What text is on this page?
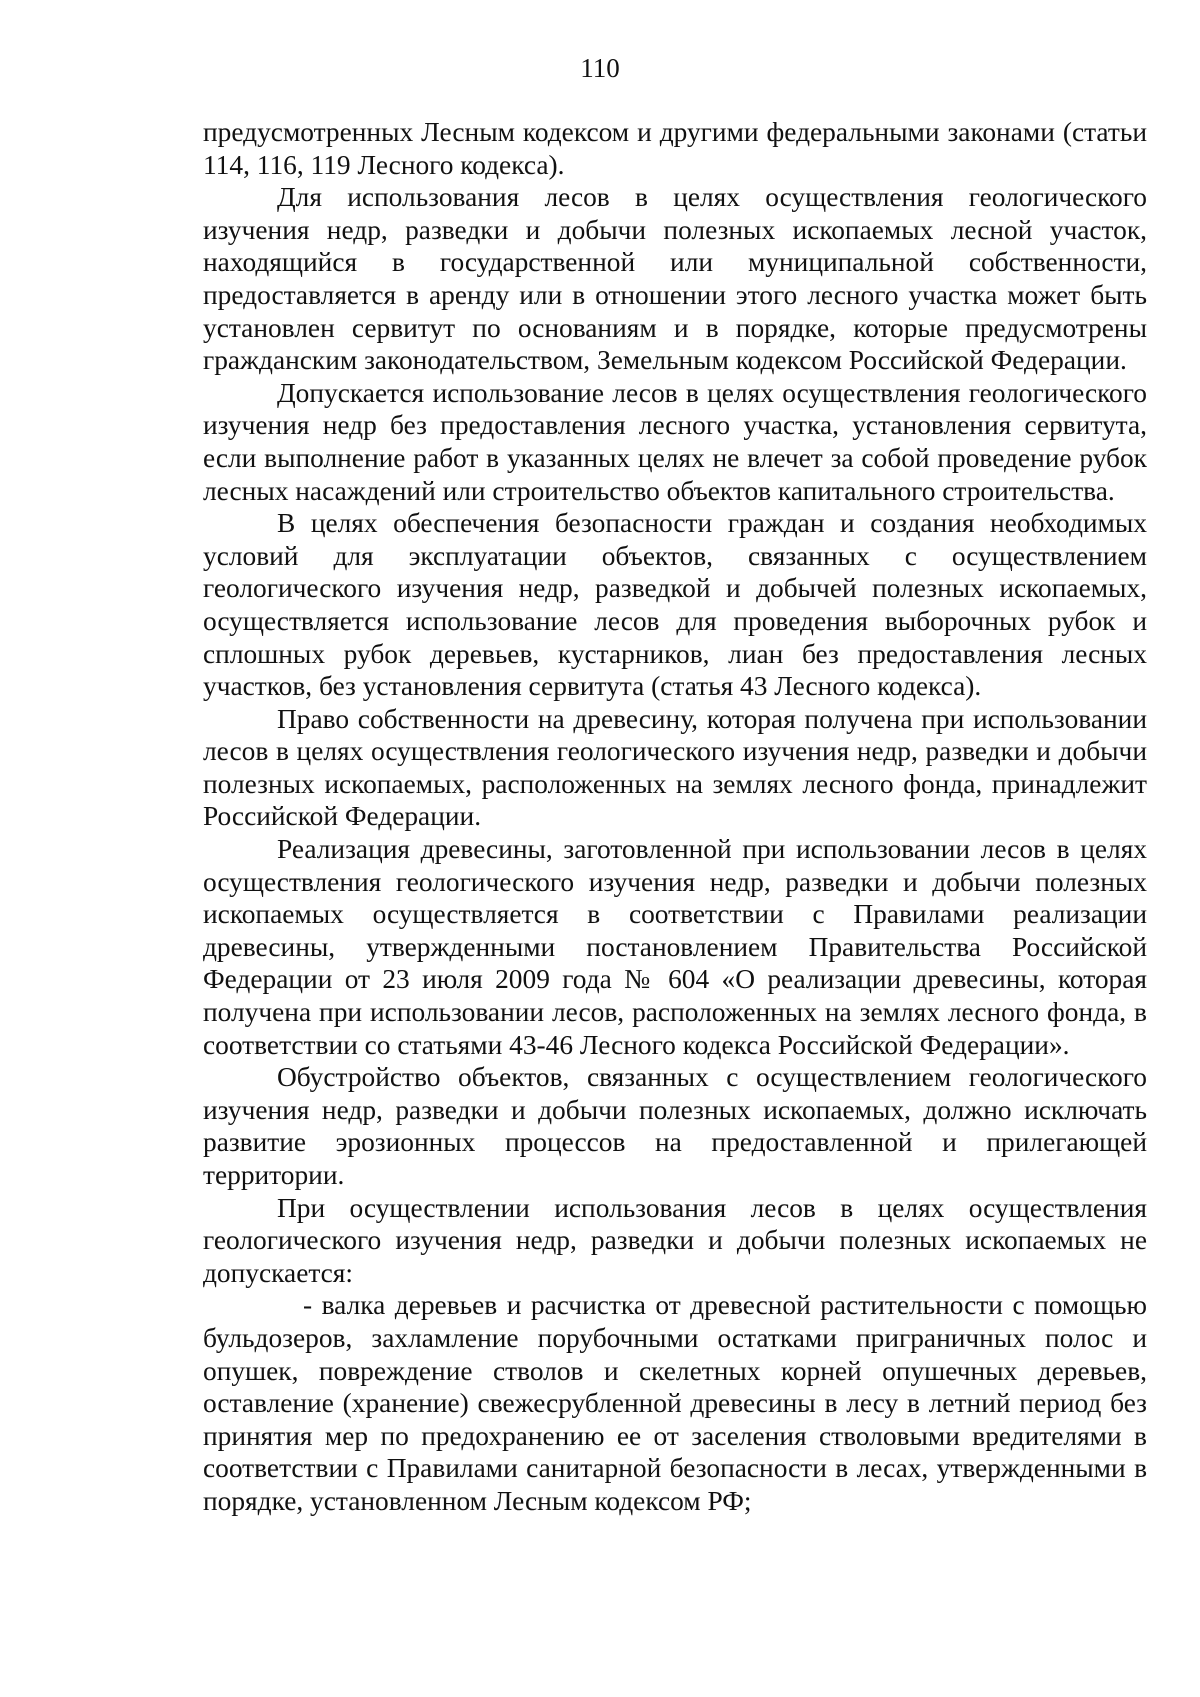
110

предусмотренных Лесным кодексом и другими федеральными законами (статьи 114, 116, 119 Лесного кодекса).

Для использования лесов в целях осуществления геологического изучения недр, разведки и добычи полезных ископаемых лесной участок, находящийся в государственной или муниципальной собственности, предоставляется в аренду или в отношении этого лесного участка может быть установлен сервитут по основаниям и в порядке, которые предусмотрены гражданским законодательством, Земельным кодексом Российской Федерации.

Допускается использование лесов в целях осуществления геологического изучения недр без предоставления лесного участка, установления сервитута, если выполнение работ в указанных целях не влечет за собой проведение рубок лесных насаждений или строительство объектов капитального строительства.

В целях обеспечения безопасности граждан и создания необходимых условий для эксплуатации объектов, связанных с осуществлением геологического изучения недр, разведкой и добычей полезных ископаемых, осуществляется использование лесов для проведения выборочных рубок и сплошных рубок деревьев, кустарников, лиан без предоставления лесных участков, без установления сервитута (статья 43 Лесного кодекса).

Право собственности на древесину, которая получена при использовании лесов в целях осуществления геологического изучения недр, разведки и добычи полезных ископаемых, расположенных на землях лесного фонда, принадлежит Российской Федерации.

Реализация древесины, заготовленной при использовании лесов в целях осуществления геологического изучения недр, разведки и добычи полезных ископаемых осуществляется в соответствии с Правилами реализации древесины, утвержденными постановлением Правительства Российской Федерации от 23 июля 2009 года № 604 «О реализации древесины, которая получена при использовании лесов, расположенных на землях лесного фонда, в соответствии со статьями 43-46 Лесного кодекса Российской Федерации».

Обустройство объектов, связанных с осуществлением геологического изучения недр, разведки и добычи полезных ископаемых, должно исключать развитие эрозионных процессов на предоставленной и прилегающей территории.

При осуществлении использования лесов в целях осуществления геологического изучения недр, разведки и добычи полезных ископаемых не допускается:

- валка деревьев и расчистка от древесной растительности с помощью бульдозеров, захламление порубочными остатками приграничных полос и опушек, повреждение стволов и скелетных корней опушечных деревьев, оставление (хранение) свежесрубленной древесины в лесу в летний период без принятия мер по предохранению ее от заселения стволовыми вредителями в соответствии с Правилами санитарной безопасности в лесах, утвержденными в порядке, установленном Лесным кодексом РФ;
